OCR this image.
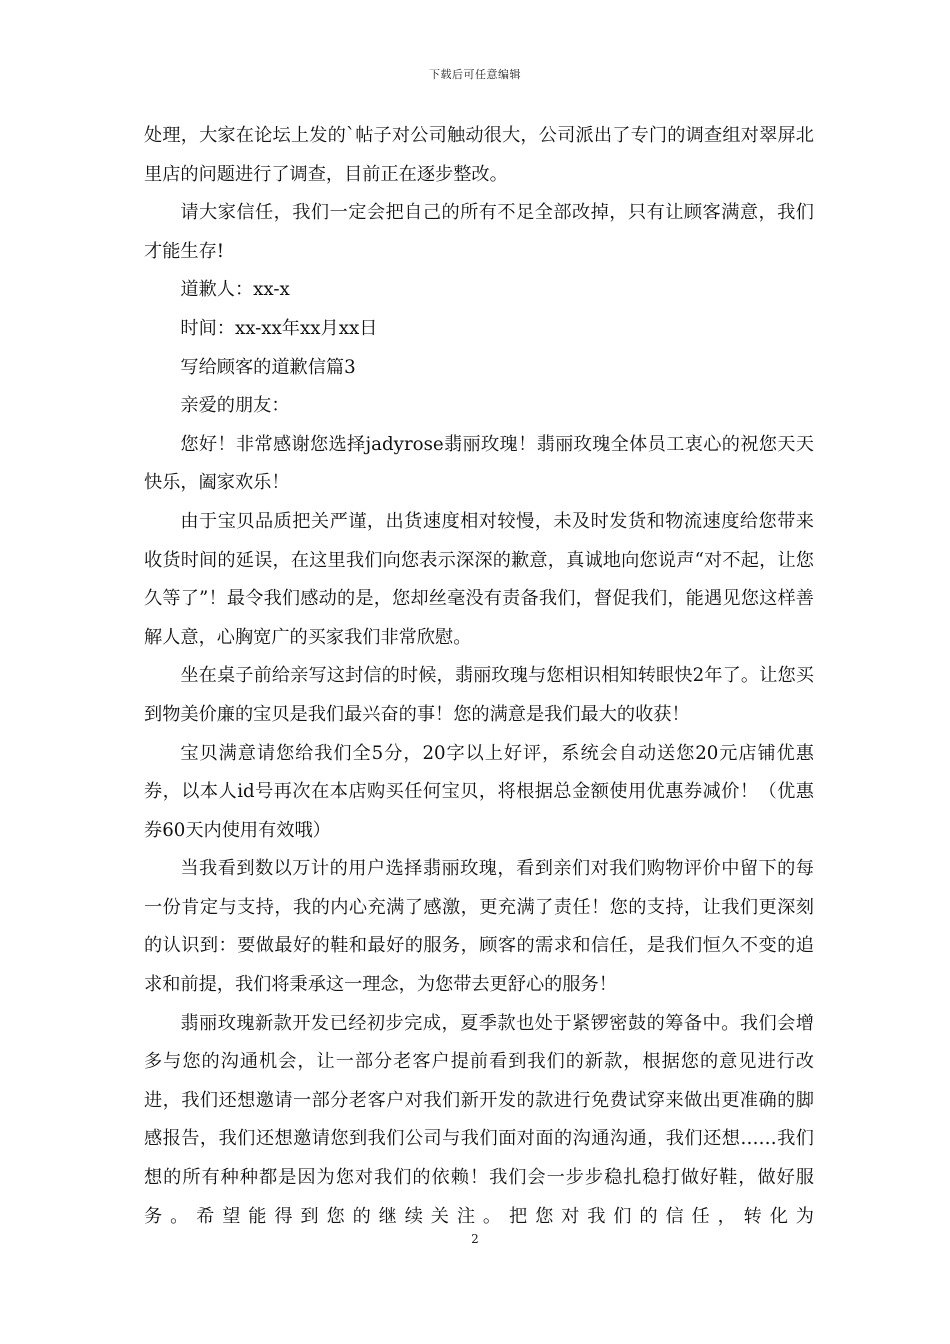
下载后可任意编辑

处理，大家在论坛上发的`帖子对公司触动很大，公司派出了专门的调查组对翠屏北里店的问题进行了调查，目前正在逐步整改。

请大家信任，我们一定会把自己的所有不足全部改掉，只有让顾客满意，我们才能生存!

道歉人：xx-x

时间：xx-xx年xx月xx日

写给顾客的道歉信篇3

亲爱的朋友：

您好！非常感谢您选择jadyrose翡丽玫瑰！翡丽玫瑰全体员工衷心的祝您天天快乐，阖家欢乐！

由于宝贝品质把关严谨，出货速度相对较慢，未及时发货和物流速度给您带来收货时间的延误，在这里我们向您表示深深的歉意，真诚地向您说声“对不起，让您久等了”！最令我们感动的是，您却丝毫没有责备我们，督促我们，能遇见您这样善解人意，心胸宽广的买家我们非常欣慰。

坐在桌子前给亲写这封信的时候，翡丽玫瑰与您相识相知转眼快2年了。让您买到物美价廉的宝贝是我们最兴奋的事！您的满意是我们最大的收获！

宝贝满意请您给我们全5分，20字以上好评，系统会自动送您20元店铺优惠券，以本人id号再次在本店购买任何宝贝，将根据总金额使用优惠券减价！（优惠券60天内使用有效哦）

当我看到数以万计的用户选择翡丽玫瑰，看到亲们对我们购物评价中留下的每一份肯定与支持，我的内心充满了感激，更充满了责任！您的支持，让我们更深刻的认识到：要做最好的鞋和最好的服务，顾客的需求和信任，是我们恒久不变的追求和前提，我们将秉承这一理念，为您带去更舒心的服务！

翡丽玫瑰新款开发已经初步完成，夏季款也处于紧锣密鼓的筹备中。我们会增多与您的沟通机会，让一部分老客户提前看到我们的新款，根据您的意见进行改进，我们还想邀请一部分老客户对我们新开发的款进行免费试穿来做出更准确的脚感报告，我们还想邀请您到我们公司与我们面对面的沟通沟通，我们还想……我们想的所有种种都是因为您对我们的依赖！我们会一步步稳扎稳打做好鞋，做好服务。希望能得到您的继续关注。把您对我们的信任，转化为

2
